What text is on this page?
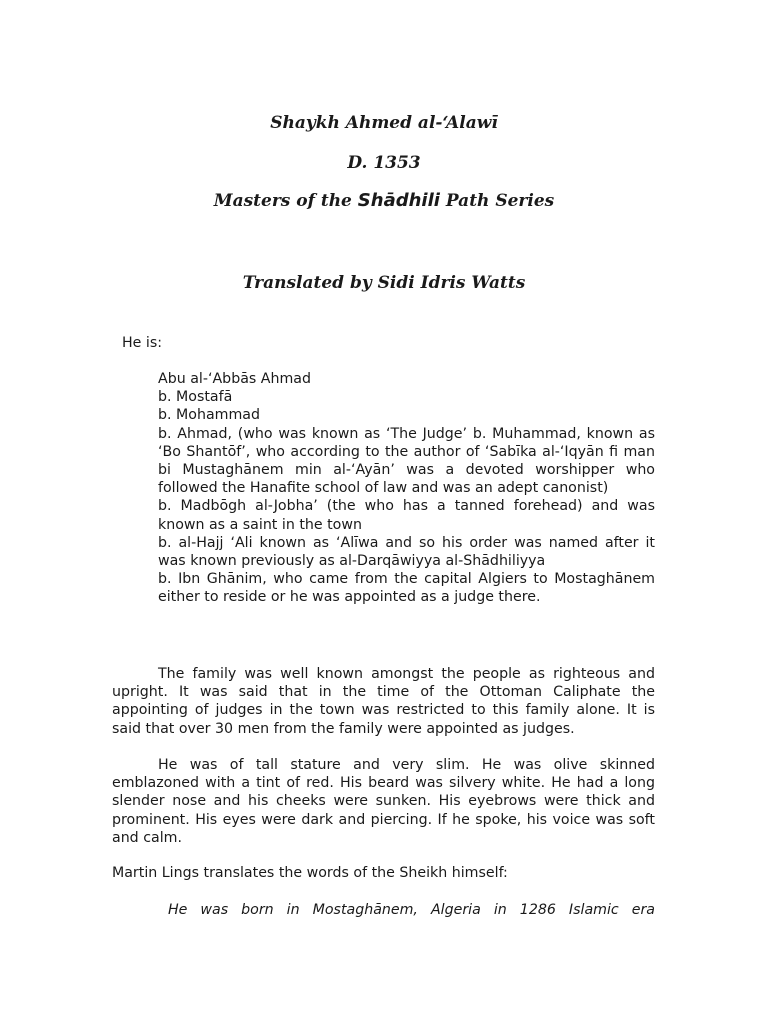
Shaykh Ahmed al-‘Alawī
D. 1353
Masters of the Shādhili Path Series
Translated by Sidi Idris Watts
He is:
Abu al-‘Abbās Ahmad
b. Mostafā
b. Mohammad
b. Ahmad, (who was known as ‘The Judge’ b. Muhammad, known as ‘Bo Shantōf’, who according to the author of ‘Sabīka al-‘Iqyān fi man bi Mustaghānem min al-‘Ayān’ was a devoted worshipper who followed the Hanafite school of law and was an adept canonist)
b. Madbōgh al-Jobha’ (the who has a tanned forehead) and was known as a saint in the town
b. al-Hajj ‘Ali known as ‘Alīwa and so his order was named after it was known previously as al-Darqāwiyya al-Shādhiliyya
b. Ibn Ghānim, who came from the capital Algiers to Mostaghānem either to reside or he was appointed as a judge there.

The family was well known amongst the people as righteous and upright. It was said that in the time of the Ottoman Caliphate the appointing of judges in the town was restricted to this family alone. It is said that over 30 men from the family were appointed as judges.

He was of tall stature and very slim. He was olive skinned emblazoned with a tint of red. His beard was silvery white. He had a long slender nose and his cheeks were sunken. His eyebrows were thick and prominent. His eyes were dark and piercing. If he spoke, his voice was soft and calm.

Martin Lings translates the words of the Sheikh himself:

He was born in Mostaghānem, Algeria in 1286 Islamic era
